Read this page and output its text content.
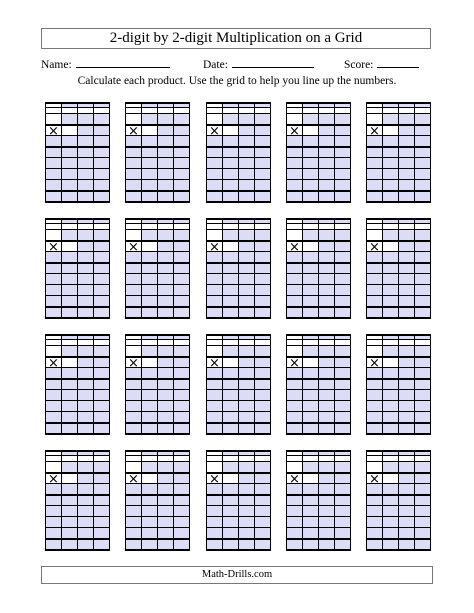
2-digit by 2-digit Multiplication on a Grid
Name:	Date:	Score:
Calculate each product. Use the grid to help you line up the numbers.
×	×	×	×	×
×	×	×	×	×
×	×	×	×	×
×	×	×	×	×
Math-Drills.com
